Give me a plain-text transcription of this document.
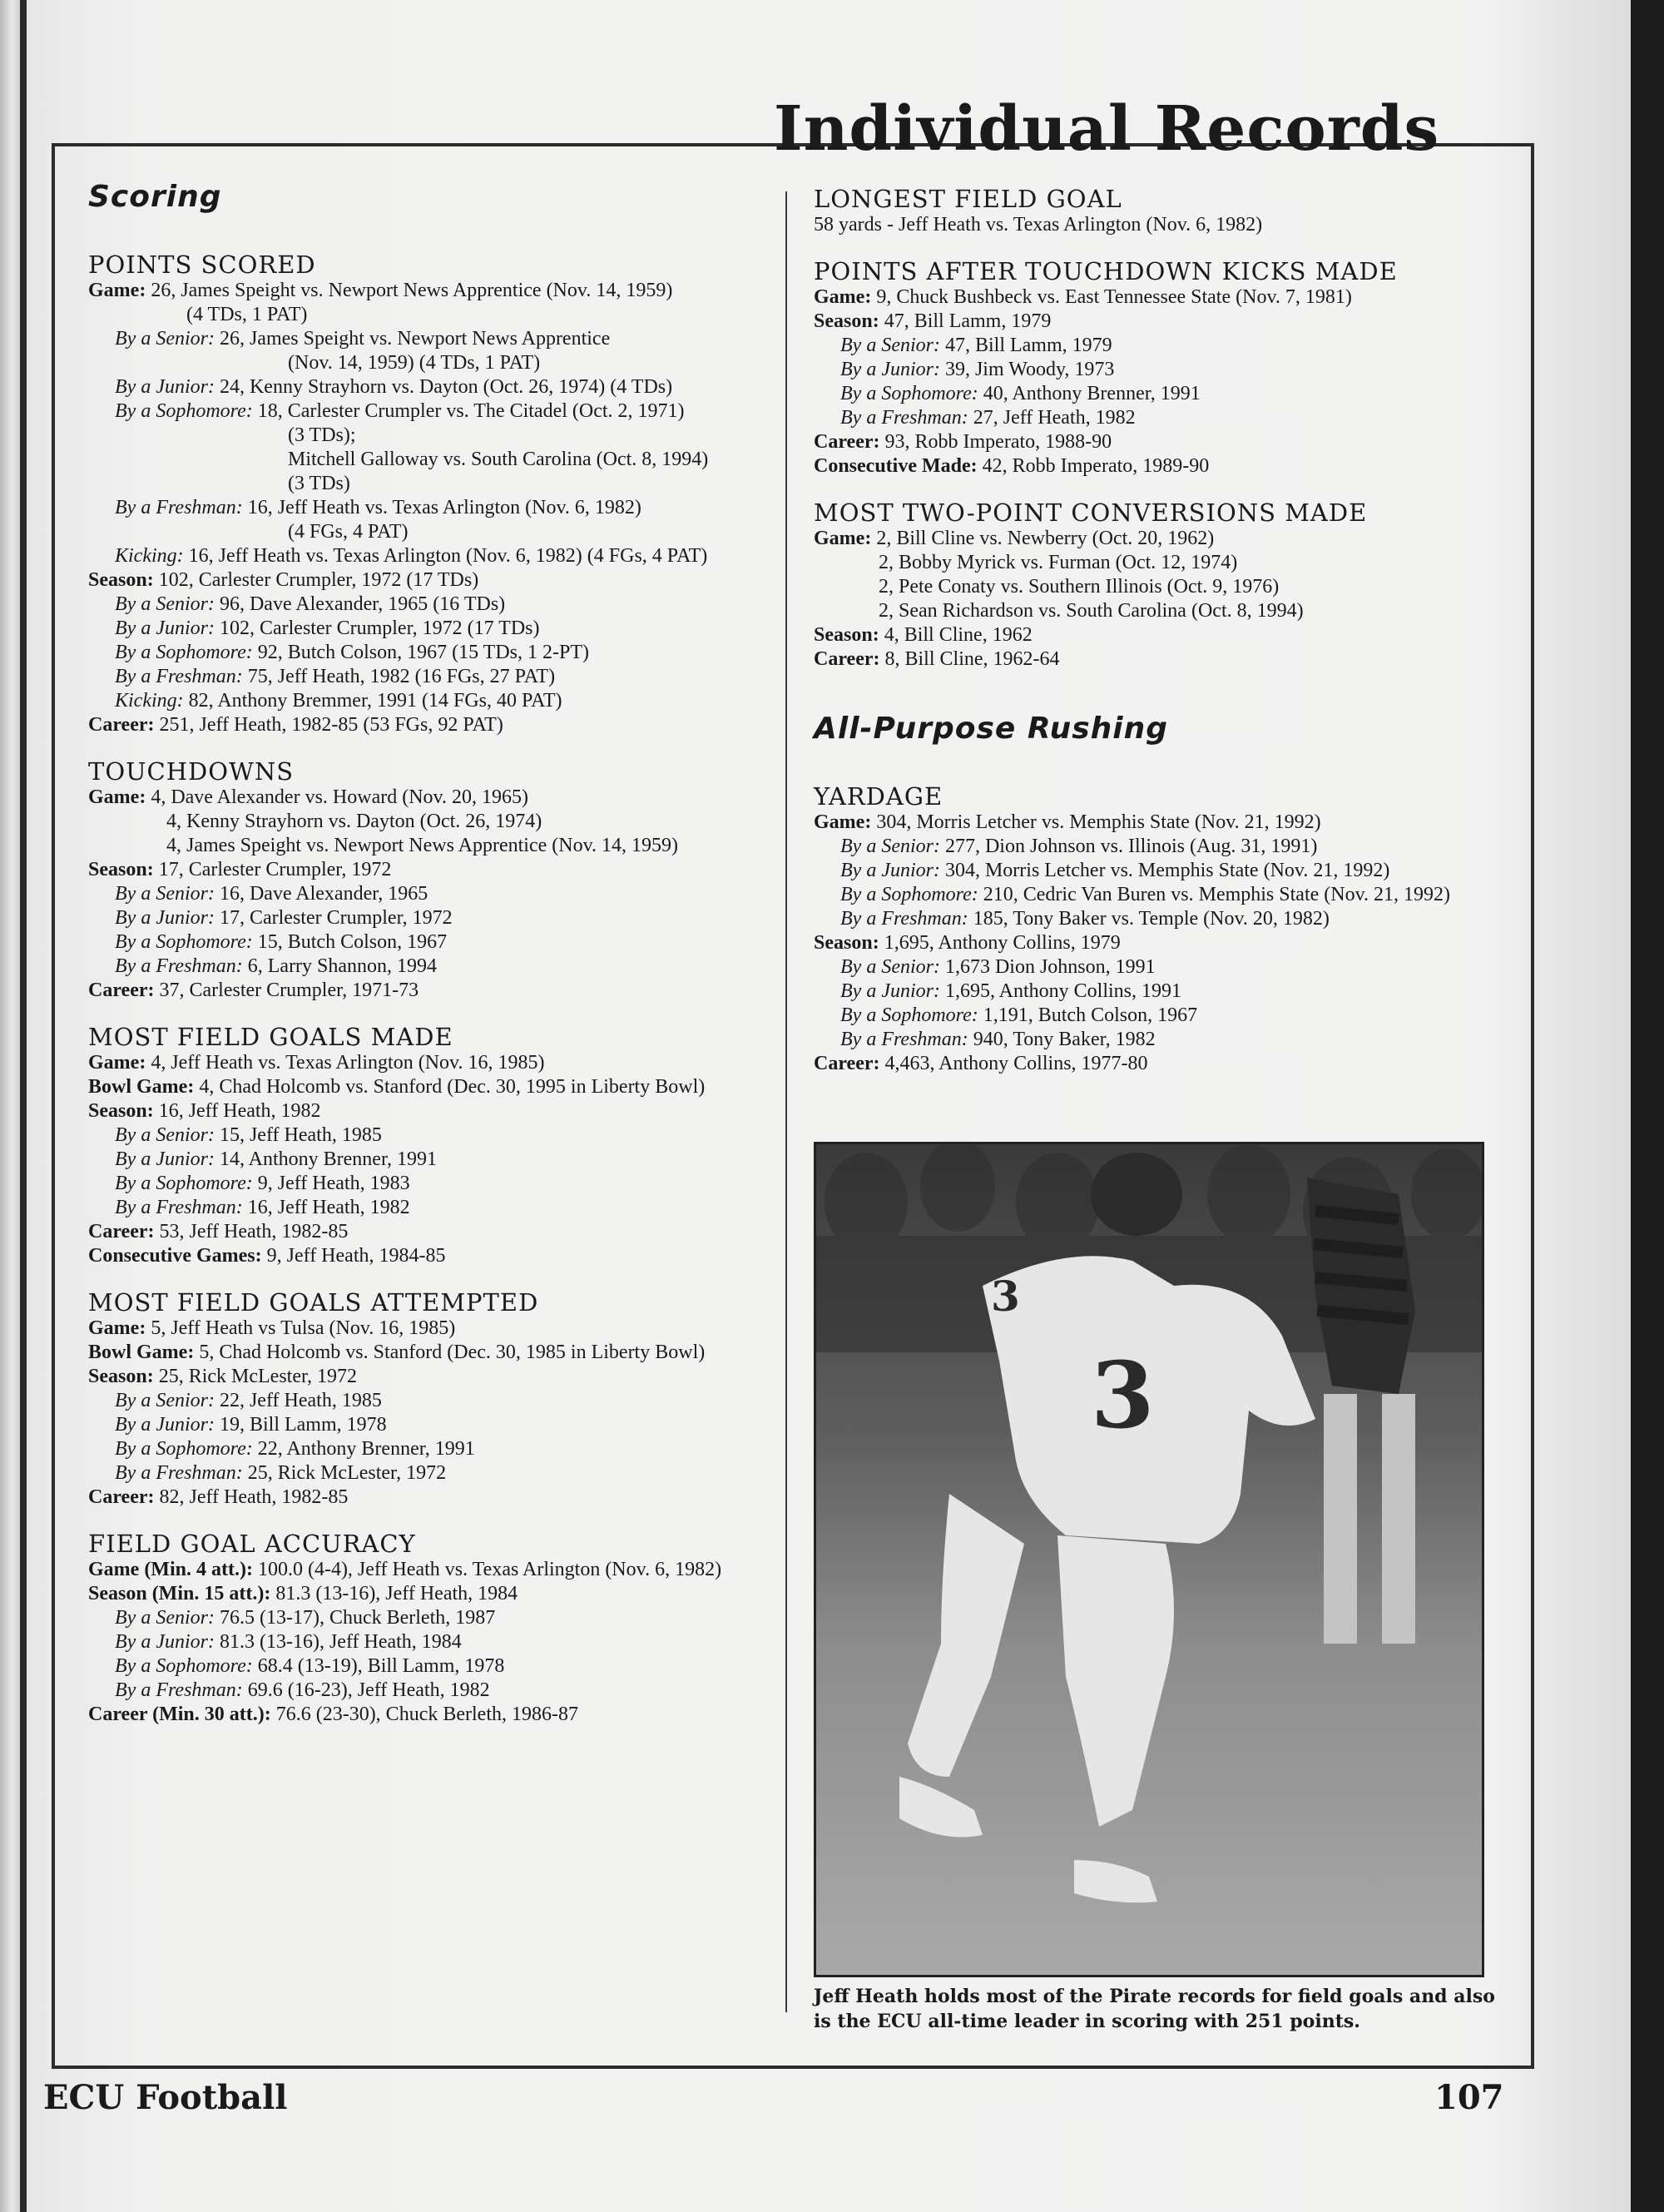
Individual Records
Scoring
POINTS SCORED

Game: 26, James Speight vs. Newport News Apprentice (Nov. 14, 1959)

(4 TDs, 1 PAT)

By a Senior: 26, James Speight vs. Newport News Apprentice

(Nov. 14, 1959) (4 TDs, 1 PAT)

By a Junior: 24, Kenny Strayhorn vs. Dayton (Oct. 26, 1974) (4 TDs)

By a Sophomore: 18, Carlester Crumpler vs. The Citadel (Oct. 2, 1971)

(3 TDs);

Mitchell Galloway vs. South Carolina (Oct. 8, 1994)

(3 TDs)

By a Freshman: 16, Jeff Heath vs. Texas Arlington (Nov. 6, 1982)

(4 FGs, 4 PAT)

Kicking: 16, Jeff Heath vs. Texas Arlington (Nov. 6, 1982) (4 FGs, 4 PAT)

Season: 102, Carlester Crumpler, 1972 (17 TDs)

By a Senior: 96, Dave Alexander, 1965 (16 TDs)

By a Junior: 102, Carlester Crumpler, 1972 (17 TDs)

By a Sophomore: 92, Butch Colson, 1967 (15 TDs, 1 2-PT)

By a Freshman: 75, Jeff Heath, 1982 (16 FGs, 27 PAT)

Kicking: 82, Anthony Bremmer, 1991 (14 FGs, 40 PAT)

Career: 251, Jeff Heath, 1982-85 (53 FGs, 92 PAT)

TOUCHDOWNS

Game: 4, Dave Alexander vs. Howard (Nov. 20, 1965)

4, Kenny Strayhorn vs. Dayton (Oct. 26, 1974)

4, James Speight vs. Newport News Apprentice (Nov. 14, 1959)

Season: 17, Carlester Crumpler, 1972

By a Senior: 16, Dave Alexander, 1965

By a Junior: 17, Carlester Crumpler, 1972

By a Sophomore: 15, Butch Colson, 1967

By a Freshman: 6, Larry Shannon, 1994

Career: 37, Carlester Crumpler, 1971-73

MOST FIELD GOALS MADE

Game: 4, Jeff Heath vs. Texas Arlington (Nov. 16, 1985)

Bowl Game: 4, Chad Holcomb vs. Stanford (Dec. 30, 1995 in Liberty Bowl)

Season: 16, Jeff Heath, 1982

By a Senior: 15, Jeff Heath, 1985

By a Junior: 14, Anthony Brenner, 1991

By a Sophomore: 9, Jeff Heath, 1983

By a Freshman: 16, Jeff Heath, 1982

Career: 53, Jeff Heath, 1982-85

Consecutive Games: 9, Jeff Heath, 1984-85

MOST FIELD GOALS ATTEMPTED

Game: 5, Jeff Heath vs Tulsa (Nov. 16, 1985)

Bowl Game: 5, Chad Holcomb vs. Stanford (Dec. 30, 1985 in Liberty Bowl)

Season: 25, Rick McLester, 1972

By a Senior: 22, Jeff Heath, 1985

By a Junior: 19, Bill Lamm, 1978

By a Sophomore: 22, Anthony Brenner, 1991

By a Freshman: 25, Rick McLester, 1972

Career: 82, Jeff Heath, 1982-85

FIELD GOAL ACCURACY

Game (Min. 4 att.): 100.0 (4-4), Jeff Heath vs. Texas Arlington (Nov. 6, 1982)

Season (Min. 15 att.): 81.3 (13-16), Jeff Heath, 1984

By a Senior: 76.5 (13-17), Chuck Berleth, 1987

By a Junior: 81.3 (13-16), Jeff Heath, 1984

By a Sophomore: 68.4 (13-19), Bill Lamm, 1978

By a Freshman: 69.6 (16-23), Jeff Heath, 1982

Career (Min. 30 att.): 76.6 (23-30), Chuck Berleth, 1986-87

LONGEST FIELD GOAL

58 yards - Jeff Heath vs. Texas Arlington (Nov. 6, 1982)

POINTS AFTER TOUCHDOWN KICKS MADE

Game: 9, Chuck Bushbeck vs. East Tennessee State (Nov. 7, 1981)

Season: 47, Bill Lamm, 1979

By a Senior: 47, Bill Lamm, 1979

By a Junior: 39, Jim Woody, 1973

By a Sophomore: 40, Anthony Brenner, 1991

By a Freshman: 27, Jeff Heath, 1982

Career: 93, Robb Imperato, 1988-90

Consecutive Made: 42, Robb Imperato, 1989-90

MOST TWO-POINT CONVERSIONS MADE

Game: 2, Bill Cline vs. Newberry (Oct. 20, 1962)

2, Bobby Myrick vs. Furman (Oct. 12, 1974)

2, Pete Conaty vs. Southern Illinois (Oct. 9, 1976)

2, Sean Richardson vs. South Carolina (Oct. 8, 1994)

Season: 4, Bill Cline, 1962

Career: 8, Bill Cline, 1962-64

All-Purpose Rushing
YARDAGE

Game: 304, Morris Letcher vs. Memphis State (Nov. 21, 1992)

By a Senior: 277, Dion Johnson vs. Illinois (Aug. 31, 1991)

By a Junior: 304, Morris Letcher vs. Memphis State (Nov. 21, 1992)

By a Sophomore: 210, Cedric Van Buren vs. Memphis State (Nov. 21, 1992)

By a Freshman: 185, Tony Baker vs. Temple (Nov. 20, 1982)

Season: 1,695, Anthony Collins, 1979

By a Senior: 1,673 Dion Johnson, 1991

By a Junior: 1,695, Anthony Collins, 1991

By a Sophomore: 1,191, Butch Colson, 1967

By a Freshman: 940, Tony Baker, 1982

Career: 4,463, Anthony Collins, 1977-80

3
3

Jeff Heath holds most of the Pirate records for field goals and also is the ECU all-time leader in scoring with 251 points.

ECU Football	107
